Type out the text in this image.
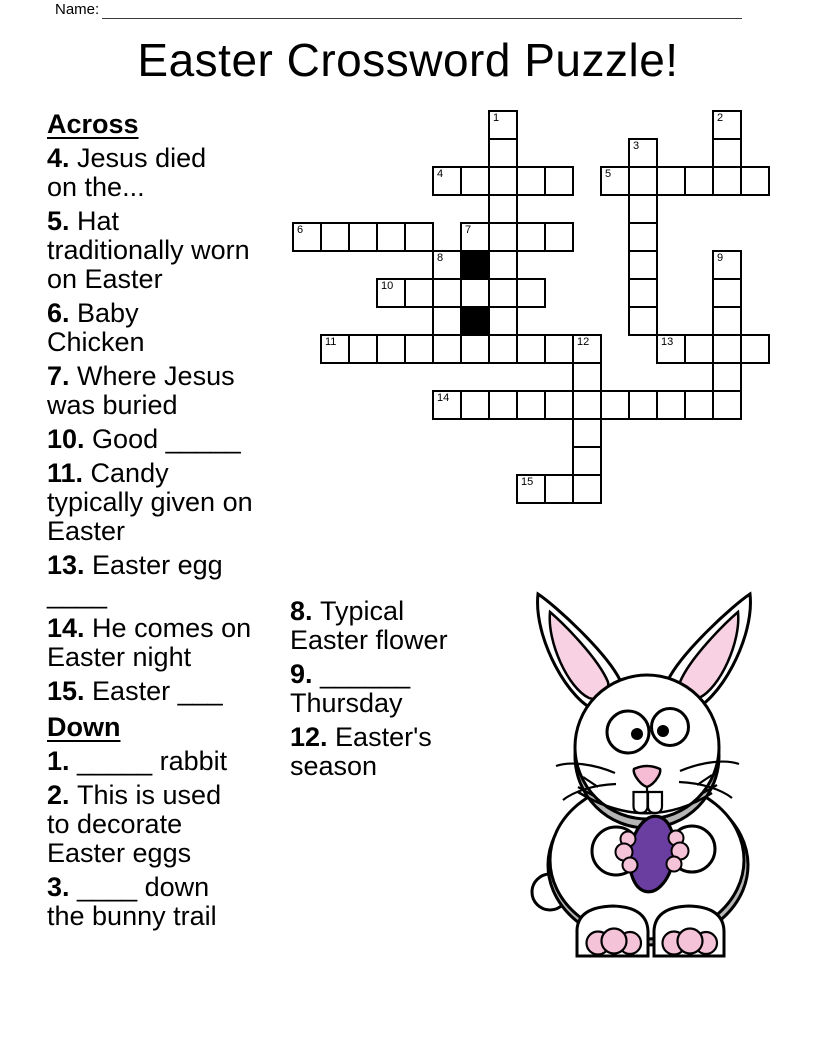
Name:
Easter Crossword Puzzle!
Across
4. Jesus died
on the...
5. Hat
traditionally worn
on Easter
6. Baby
Chicken
7. Where Jesus
was buried
10. Good _____
11. Candy
typically given on
Easter
13. Easter egg
____
14. He comes on
Easter night
15. Easter ___
Down
1. _____ rabbit
2. This is used
to decorate
Easter eggs
3. ____ down
the bunny trail
8. Typical
Easter flower
9. ______
Thursday
12. Easter's
season
6
10
11
4
8
14
7
1
15
12
5
3
13
2
9
